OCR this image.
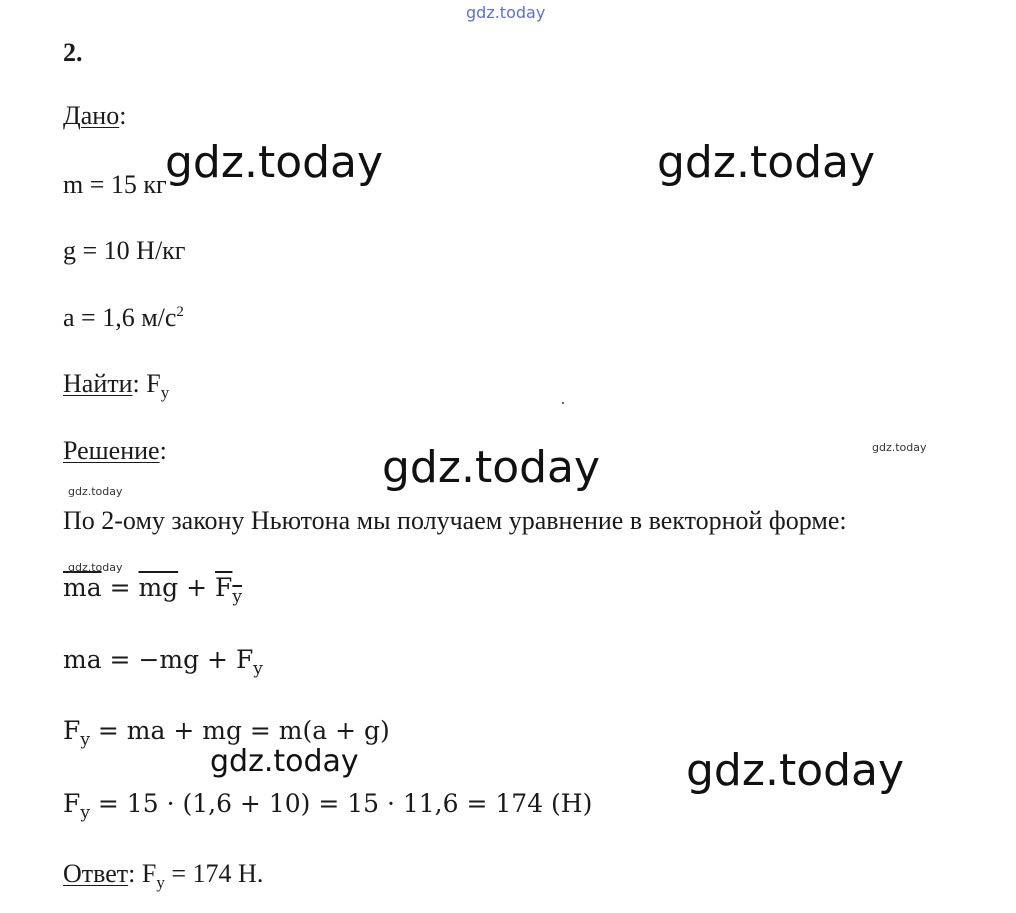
gdz.today
2.
Дано:
m = 15 кг
g = 10 Н/кг
a = 1,6 $м/с^2$
Найти: $F_y$
Решение:
По 2-ому закону Ньютона мы получаем уравнение в векторной форме:
$\overline{ma} = \overline{mg} + F_y$
ma = $-mg + F_y$
$F_y$ = ma + mg = m(a + g)
$F_y = 15 \cdot (1,6 + 10) = 15 \cdot 11,6 = 174$ (Н)
Ответ: $F_y = 174$ Н.
gdz.today	gdz.today
gdz.today
gdz.today
gdz.today
gdz.today
gdz.today
gdz.today
